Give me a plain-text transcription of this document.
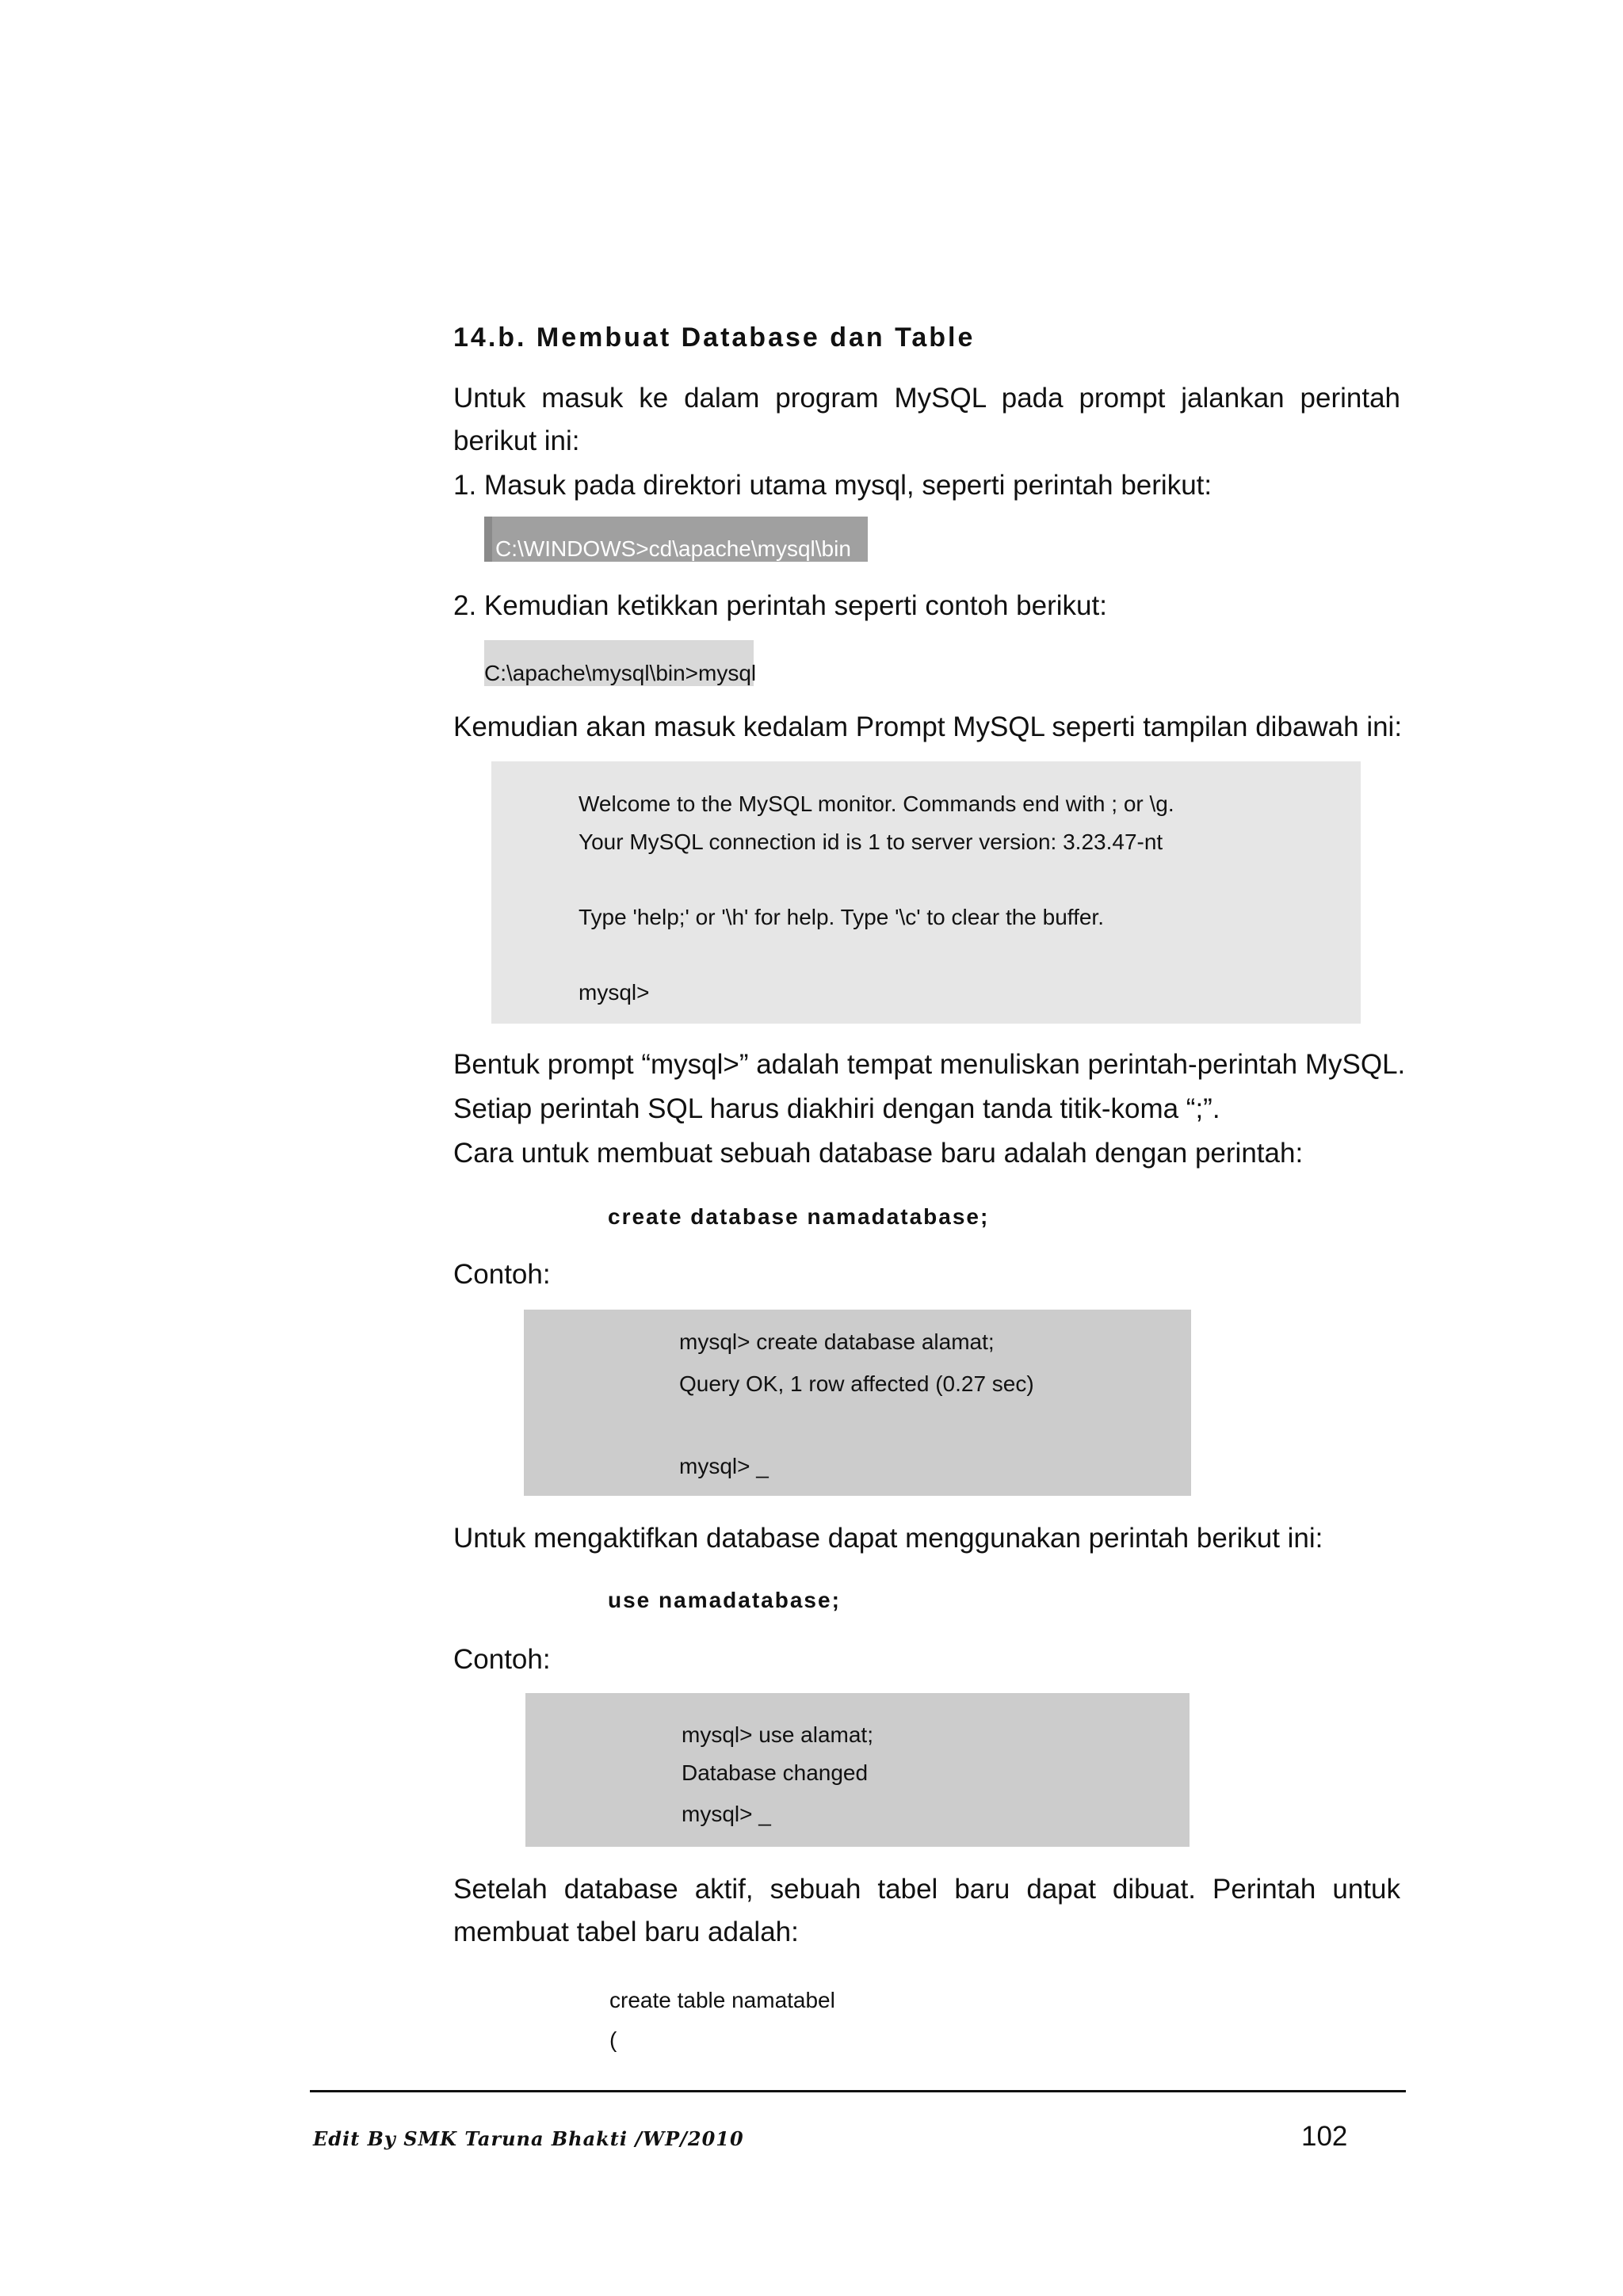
14.b. Membuat Database dan Table
Untuk masuk ke dalam program MySQL pada prompt jalankan perintah
berikut ini:
1. Masuk pada direktori utama mysql, seperti perintah berikut:
C:\WINDOWS>cd\apache\mysql\bin
2. Kemudian ketikkan perintah seperti contoh berikut:
C:\apache\mysql\bin>mysql
Kemudian akan masuk kedalam Prompt MySQL seperti tampilan dibawah ini:
Welcome to the MySQL monitor. Commands end with ; or \g.
Your MySQL connection id is 1 to server version: 3.23.47-nt
Type 'help;' or '\h' for help. Type '\c' to clear the buffer.
mysql>
Bentuk prompt “mysql>” adalah tempat menuliskan perintah-perintah MySQL.
Setiap perintah SQL harus diakhiri dengan tanda titik-koma “;”.
Cara untuk membuat sebuah database baru adalah dengan perintah:
create database namadatabase;
Contoh:
mysql> create database alamat;
Query OK, 1 row affected (0.27 sec)
mysql> _
Untuk mengaktifkan database dapat menggunakan perintah berikut ini:
use namadatabase;
Contoh:
mysql> use alamat;
Database changed
mysql> _
Setelah database aktif, sebuah tabel baru dapat dibuat. Perintah untuk
membuat tabel baru adalah:
create table namatabel
(
Edit By SMK Taruna Bhakti /WP/2010	102
